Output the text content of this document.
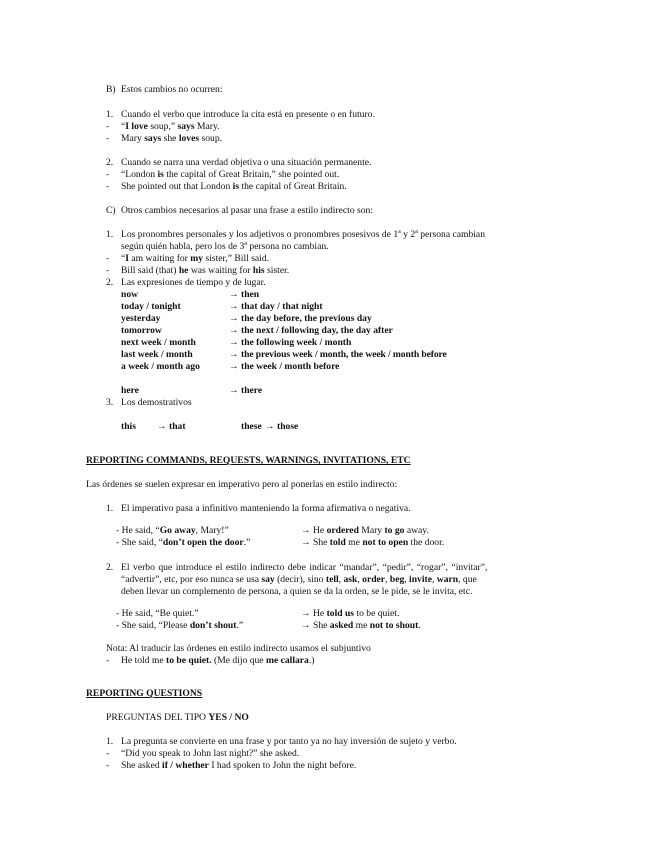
B) Estos cambios no ocurren:
1. Cuando el verbo que introduce la cita está en presente o en futuro.
- “I love soup,” says Mary.
- Mary says she loves soup.
2. Cuando se narra una verdad objetiva o una situación permanente.
- “London is the capital of Great Britain,” she pointed out.
- She pointed out that London is the capital of Great Britain.
C) Otros cambios necesarios al pasar una frase a estilo indirecto son:
1. Los pronombres personales y los adjetivos o pronombres posesivos de 1$^a$ y 2$^a$ persona cambian
según quién habla, pero los de 3$^a$ persona no cambian.
- “I am waiting for my sister,” Bill said.
- Bill said (that) he was waiting for his sister.
2. Las expresiones de tiempo y de lugar.
now	→ then
today / tonight	→ that day / that night
yesterday	→ the day before, the previous day
tomorrow	→ the next / following day, the day after
next week / month	→ the following week / month
last week / month	→ the previous week / month, the week / month before
a week / month ago	→ the week / month before
here	→ there
3. Los demostrativos
this → that	these → those
REPORTING COMMANDS, REQUESTS, WARNINGS, INVITATIONS, ETC
Las órdenes se suelen expresar en imperativo pero al ponerlas en estilo indirecto:
1. El imperativo pasa a infinitivo manteniendo la forma afirmativa o negativa.
- He said, “Go away, Mary!”	→ He ordered Mary to go away.
- She said, “don’t open the door.”	→ She told me not to open the door.
2. El verbo que introduce el estilo indirecto debe indicar “mandar”, “pedir”, “rogar”, “invitar”,
“advertir”, etc, por eso nunca se usa say (decir), sino tell, ask, order, beg, invite, warn, que
deben llevar un complemento de persona, a quien se da la orden, se le pide, se le invita, etc.
- He said, “Be quiet.”	→ He told us to be quiet.
- She said, “Please don’t shout.”	→ She asked me not to shout.
Nota: Al traducir las órdenes en estilo indirecto usamos el subjuntivo
- He told me to be quiet. (Me dijo que me callara.)
REPORTING QUESTIONS
PREGUNTAS DEL TIPO YES / NO
1. La pregunta se convierte en una frase y por tanto ya no hay inversión de sujeto y verbo.
- “Did you speak to John last night?” she asked.
- She asked if / whether I had spoken to John the night before.
